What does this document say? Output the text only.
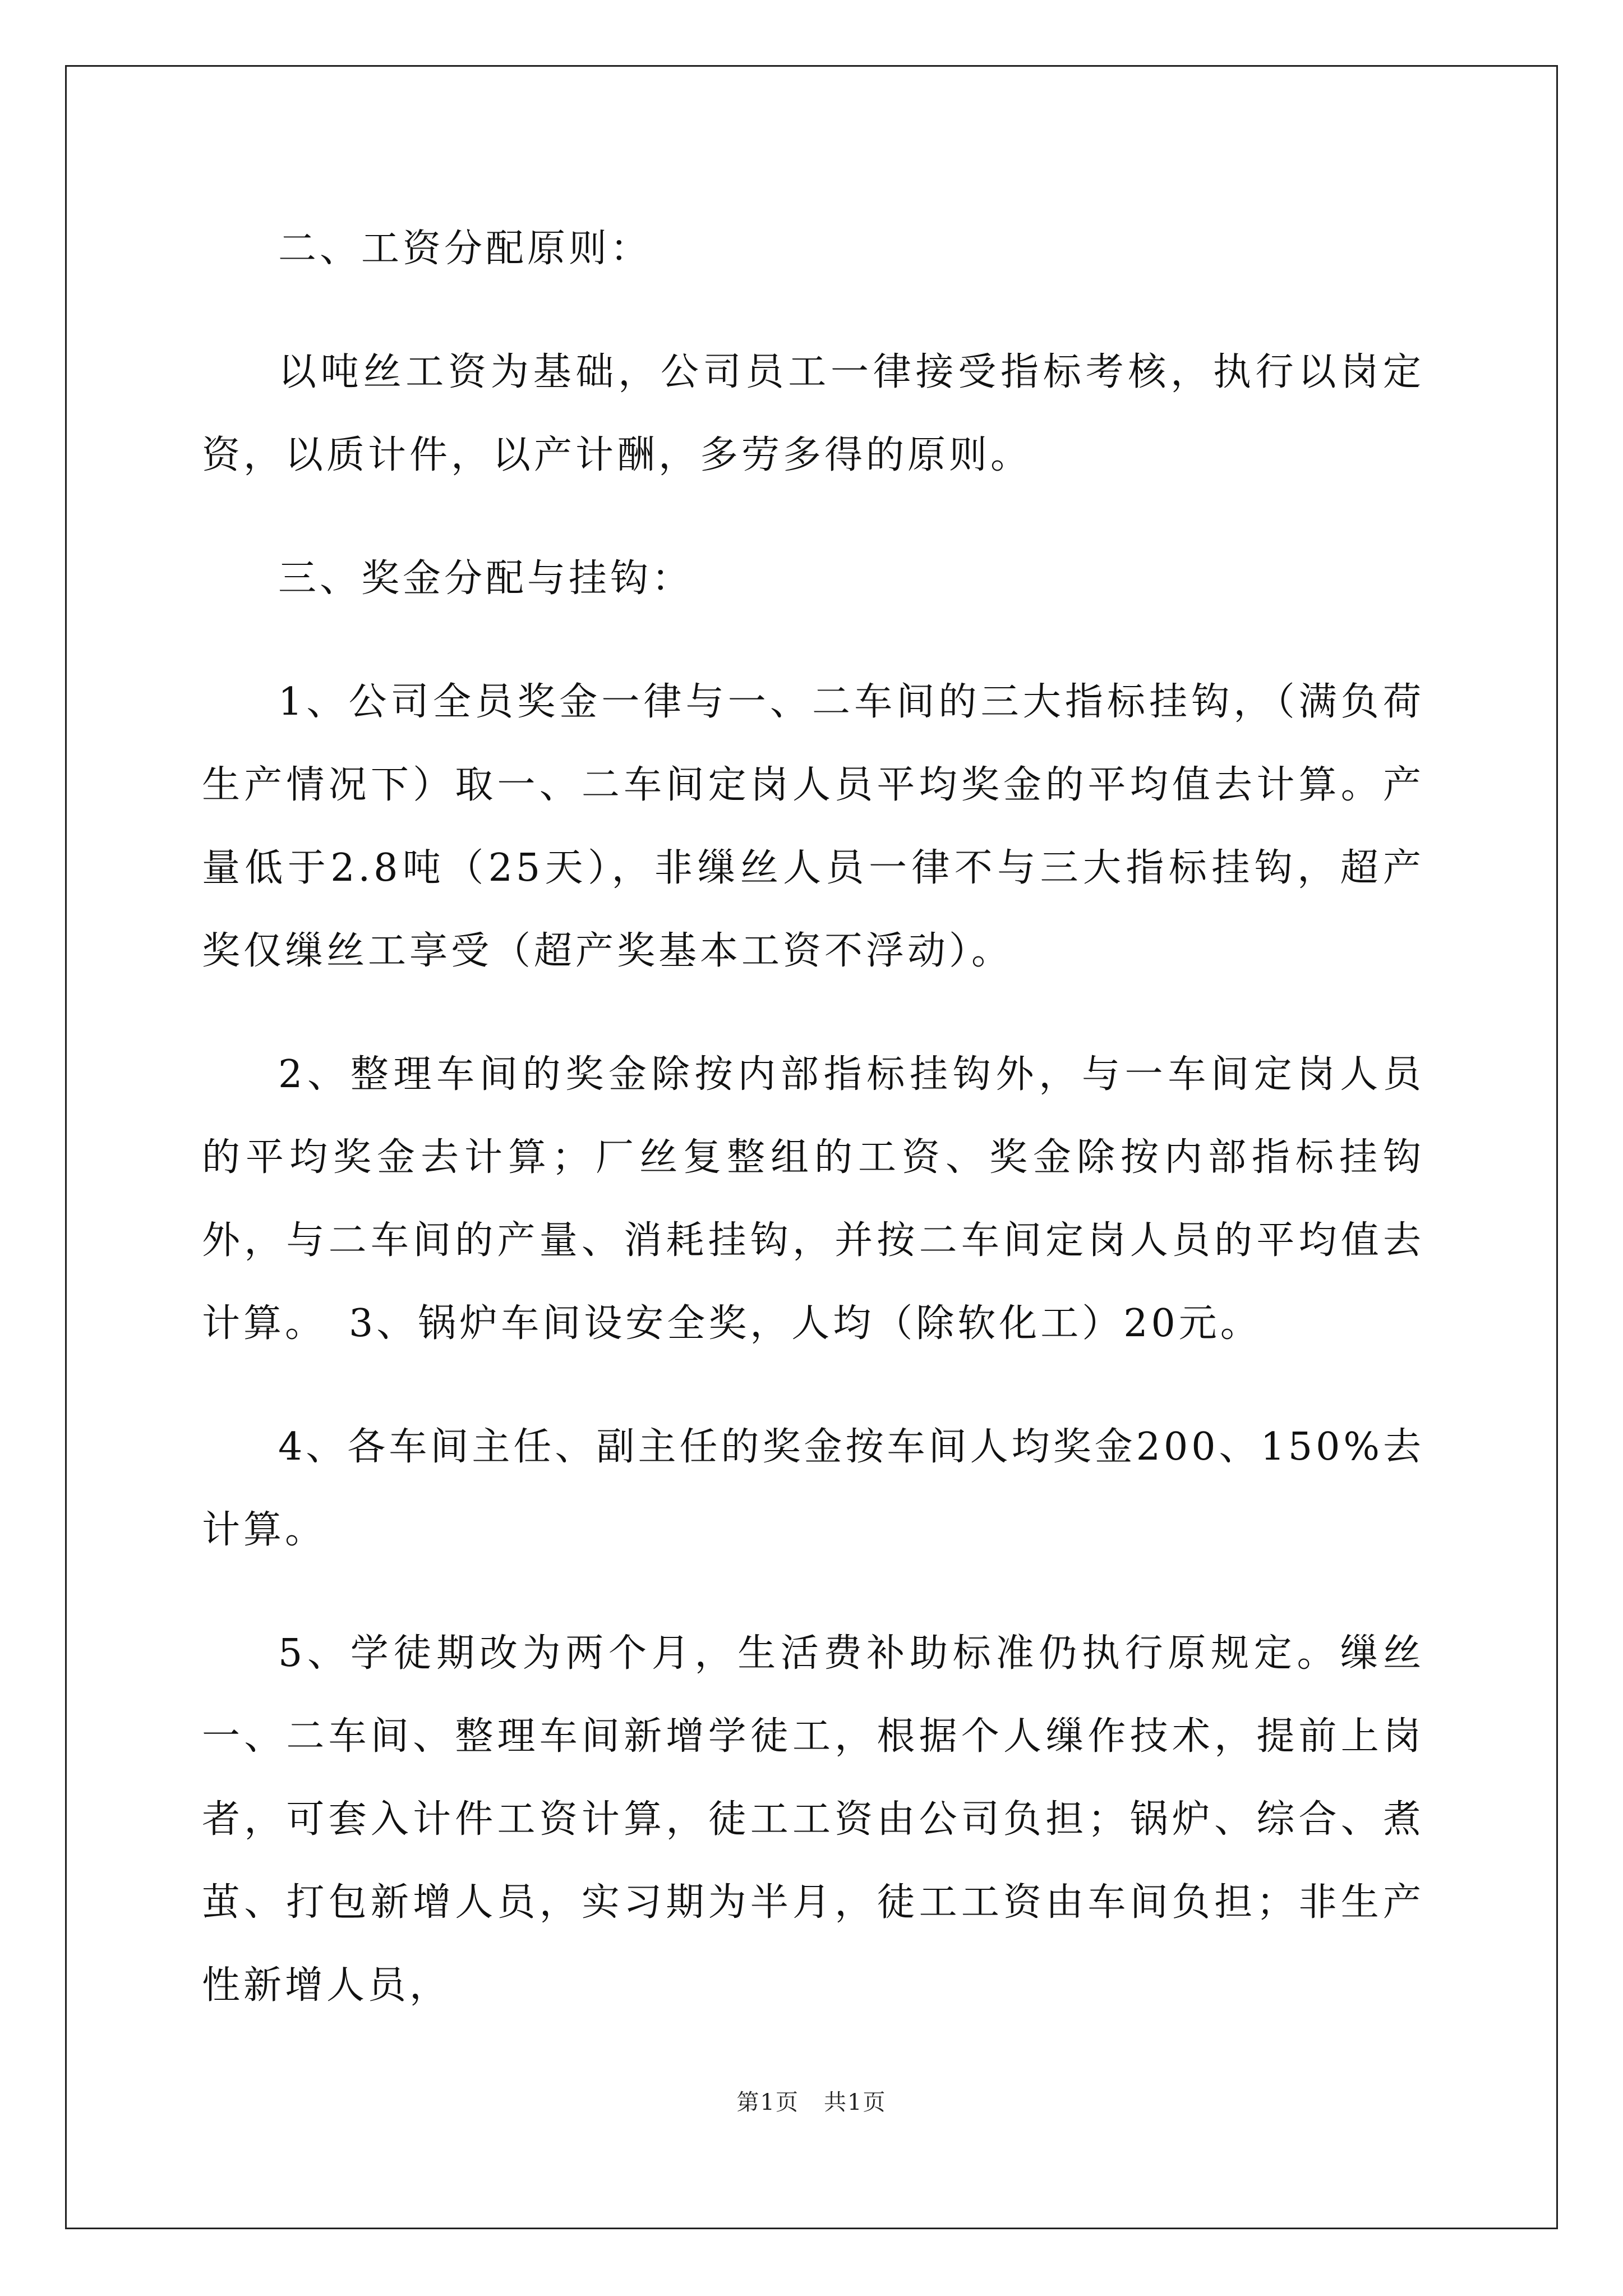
二、工资分配原则：

以吨丝工资为基础，公司员工一律接受指标考核，执行以岗定资，以质计件，以产计酬，多劳多得的原则。

三、奖金分配与挂钩：

1、公司全员奖金一律与一、二车间的三大指标挂钩，（满负荷生产情况下）取一、二车间定岗人员平均奖金的平均值去计算。产量低于2.8吨（25天），非缫丝人员一律不与三大指标挂钩，超产奖仅缫丝工享受（超产奖基本工资不浮动）。

2、整理车间的奖金除按内部指标挂钩外，与一车间定岗人员的平均奖金去计算；厂丝复整组的工资、奖金除按内部指标挂钩外，与二车间的产量、消耗挂钩，并按二车间定岗人员的平均值去计算。　3、锅炉车间设安全奖，人均（除软化工）20元。

4、各车间主任、副主任的奖金按车间人均奖金200、150%去计算。

5、学徒期改为两个月，生活费补助标准仍执行原规定。缫丝一、二车间、整理车间新增学徒工，根据个人缫作技术，提前上岗者，可套入计件工资计算，徒工工资由公司负担；锅炉、综合、煮茧、打包新增人员，实习期为半月，徒工工资由车间负担；非生产性新增人员，

第1页 共1页
